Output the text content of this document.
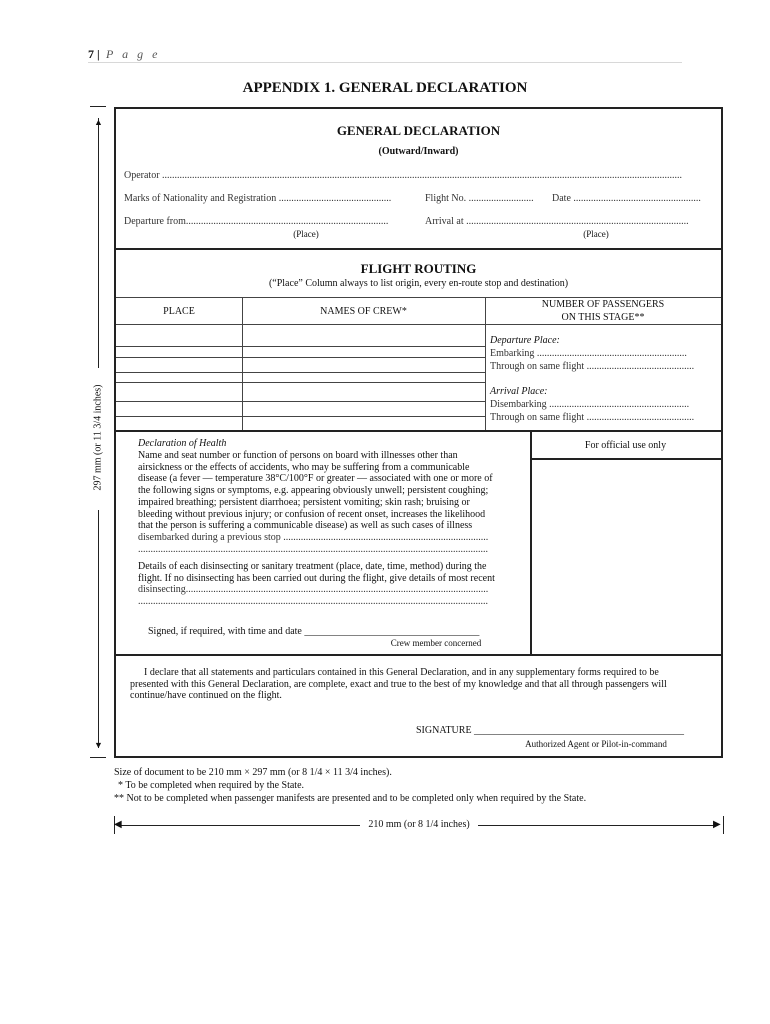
7 | P a g e
APPENDIX 1. GENERAL DECLARATION
▲
▼
297 mm (or 11 3/4 inches)
GENERAL DECLARATION
(Outward/Inward)
Operator ................................................................................................................................................................................................................
Marks of Nationality and Registration .............................................	Flight No. ..........................	Date ...................................................
Departure from.................................................................................	Arrival at .........................................................................................
(Place)	(Place)
FLIGHT ROUTING
(“Place” Column always to list origin, every en-route stop and destination)
PLACE	NAMES OF CREW*
NUMBER OF PASSENGERS
ON THIS STAGE**
Departure Place:
Embarking ............................................................
Through on same flight ...........................................
Arrival Place:
Disembarking ........................................................
Through on same flight ...........................................
For official use only
Declaration of Health
Name and seat number or function of persons on board with illnesses other than
airsickness or the effects of accidents, who may be suffering from a communicable
disease (a fever — temperature 38°C/100°F or greater — associated with one or more of
the following signs or symptoms, e.g. appearing obviously unwell; persistent coughing;
impaired breathing; persistent diarrhoea; persistent vomiting; skin rash; bruising or
bleeding without previous injury; or confusion of recent onset, increases the likelihood
that the person is suffering a communicable disease) as well as such cases of illness
disembarked during a previous stop ..................................................................................
............................................................................................................................................
Details of each disinsecting or sanitary treatment (place, date, time, method) during the
flight. If no disinsecting has been carried out during the flight, give details of most recent
disinsecting.........................................................................................................................
............................................................................................................................................
Signed, if required, with time and date ___________________________________
Crew member concerned
I declare that all statements and particulars contained in this General Declaration, and in any supplementary forms required to be
presented with this General Declaration, are complete, exact and true to the best of my knowledge and that all through passengers will
continue/have continued on the flight.
SIGNATURE __________________________________________
Authorized Agent or Pilot-in-command
Size of document to be 210 mm × 297 mm (or 8 1/4 × 11 3/4 inches).
* To be completed when required by the State.
** Not to be completed when passenger manifests are presented and to be completed only when required by the State.
◀	▶
210 mm (or 8 1/4 inches)
